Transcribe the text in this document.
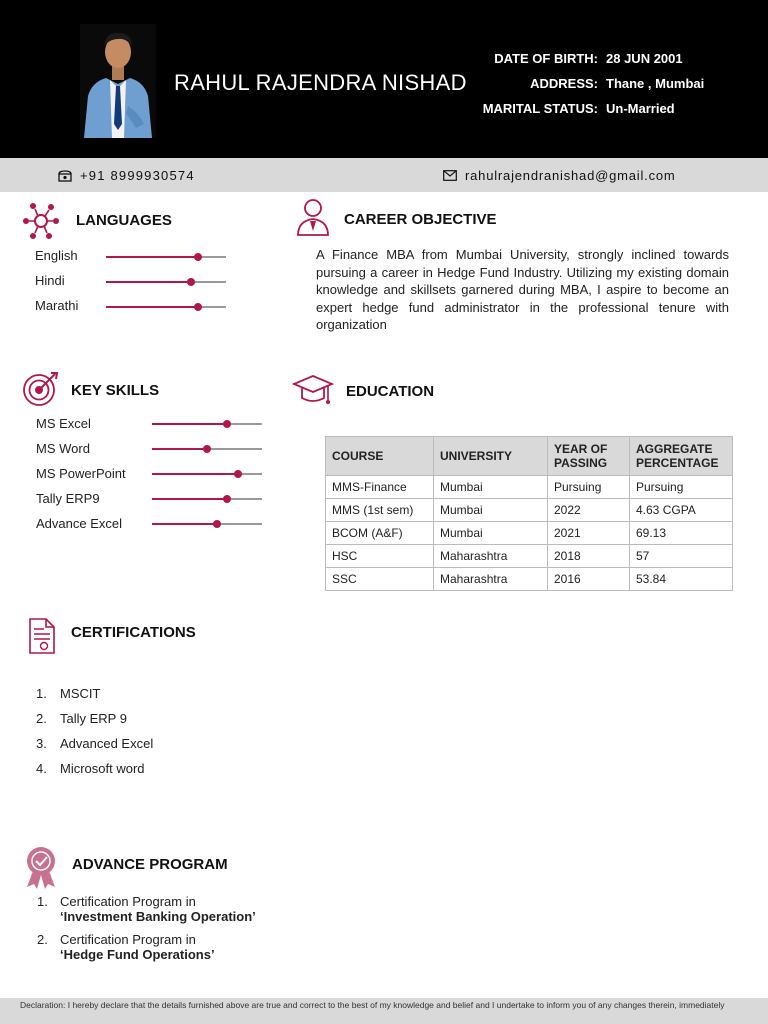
RAHUL RAJENDRA NISHAD
DATE OF BIRTH: 28 JUN 2001
ADDRESS: Thane , Mumbai
MARITAL STATUS: Un-Married
+91 8999930574	rahulrajendranishad@gmail.com
LANGUAGES
English
Hindi
Marathi
CAREER OBJECTIVE
A Finance MBA from Mumbai University, strongly inclined towards pursuing a career in Hedge Fund Industry. Utilizing my existing domain knowledge and skillsets garnered during MBA, I aspire to become an expert hedge fund administrator in the professional tenure with organization
KEY SKILLS
MS Excel
MS Word
MS PowerPoint
Tally ERP9
Advance Excel
EDUCATION
COURSE	UNIVERSITY	YEAR OF PASSING	AGGREGATE PERCENTAGE
MMS-Finance	Mumbai	Pursuing	Pursuing
MMS (1st sem)	Mumbai	2022	4.63 CGPA
BCOM (A&F)	Mumbai	2021	69.13
HSC	Maharashtra	2018	57
SSC	Maharashtra	2016	53.84
CERTIFICATIONS
1.	MSCIT
2.	Tally ERP 9
3.	Advanced Excel
4.	Microsoft word
ADVANCE PROGRAM
1. Certification Program in
‘Investment Banking Operation’
2. Certification Program in
‘Hedge Fund Operations’
Declaration: I hereby declare that the details furnished above are true and correct to the best of my knowledge and belief and I undertake to inform you of any changes therein, immediately
